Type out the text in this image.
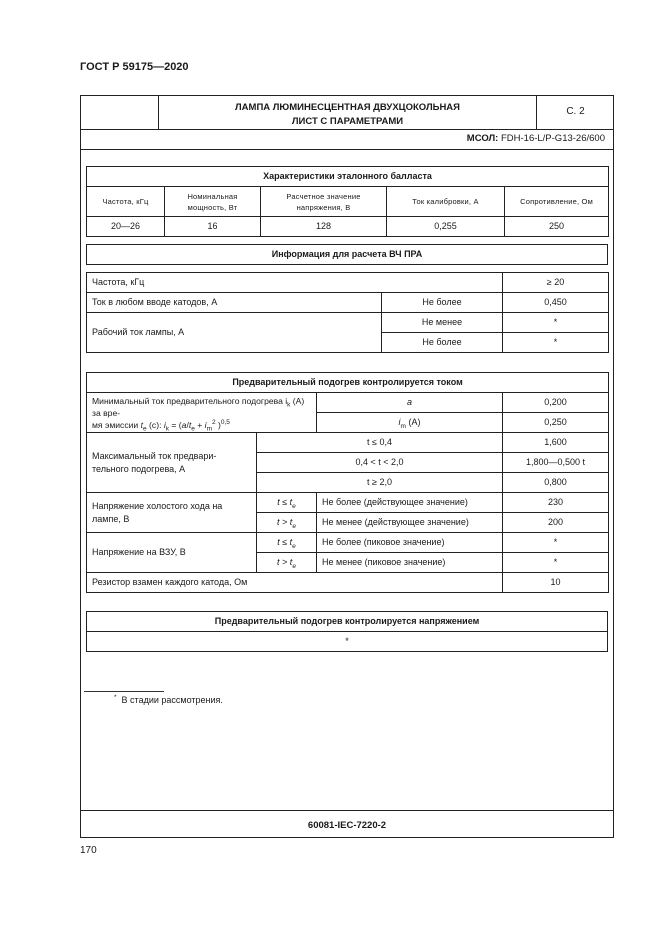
ГОСТ Р 59175—2020
ЛАМПА ЛЮМИНЕСЦЕНТНАЯ ДВУХЦОКОЛЬНАЯ
ЛИСТ С ПАРАМЕТРАМИ
С. 2
МСОЛ: FDH-16-L/P-G13-26/600
Характеристики эталонного балласта				
Частота, кГц	Номинальная мощность, Вт	Расчетное значение напряжения, В	Ток калибровки, А	Сопротивление, Ом
20—26	16	128	0,255	250
Информация для расчета ВЧ ПРА
Частота, кГц		≥ 20
Ток в любом вводе катодов, А	Не более	0,450
Рабочий ток лампы, А	Не менее	*
	Не более	*
Предварительный подогрев контролируется током			
Минимальный ток предварительного подогрева $i_k$ (А) за вре-
мя эмиссии $t_e$ (с): $i_k = (a/t_e + i_m^2$ )$^{0,5}$		a	0,200
		$i_m$ (А)	0,250
Максимальный ток предвари-тельного подогрева, А	t ≤ 0,4		1,600
	0,4 < t < 2,0		1,800—0,500 t
	t ≥ 2,0		0,800
Напряжение холостого хода на лампе, В	$t \le t_e$	Не более (действующее значение)	230
	$t > t_e$	Не менее (действующее значение)	200
Напряжение на ВЗУ, В	$t \le t_e$	Не более (пиковое значение)	*
	$t > t_e$	Не менее (пиковое значение)	*
Резистор взамен каждого катода, Ом			10
Предварительный подогрев контролируется напряжением
*
60081-IEC-7220-2
* В стадии рассмотрения.
170
